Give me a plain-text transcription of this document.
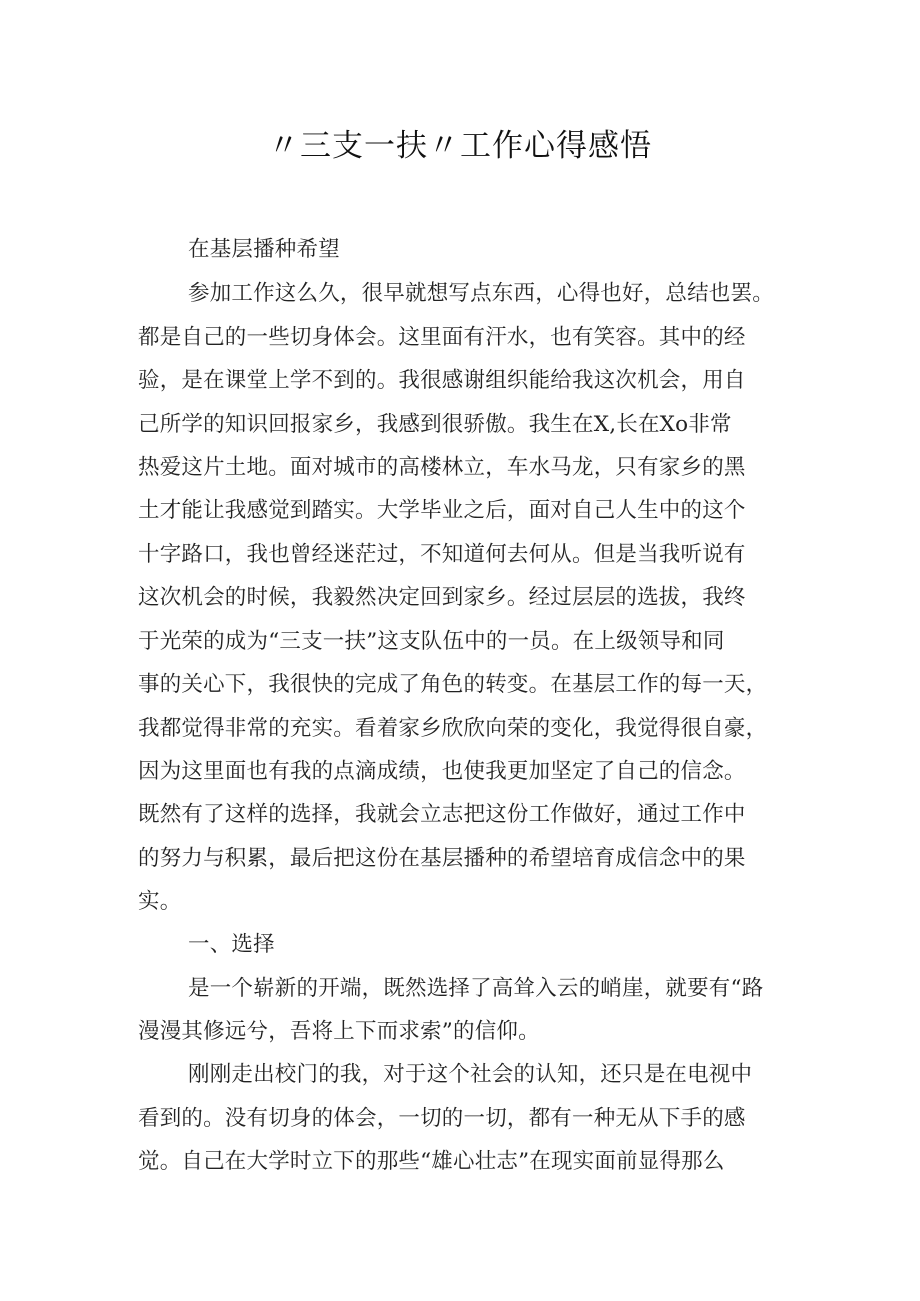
〃三支一扶〃工作心得感悟
在基层播种希望
参加工作这么久，很早就想写点东西，心得也好，总结也罢。
都是自己的一些切身体会。这里面有汗水，也有笑容。其中的经
验，是在课堂上学不到的。我很感谢组织能给我这次机会，用自
己所学的知识回报家乡，我感到很骄傲。我生在X,长在Xo非常
热爱这片土地。面对城市的高楼林立，车水马龙，只有家乡的黑
土才能让我感觉到踏实。大学毕业之后，面对自己人生中的这个
十字路口，我也曾经迷茫过，不知道何去何从。但是当我听说有
这次机会的时候，我毅然决定回到家乡。经过层层的选拔，我终
于光荣的成为“三支一扶”这支队伍中的一员。在上级领导和同
事的关心下，我很快的完成了角色的转变。在基层工作的每一天，
我都觉得非常的充实。看着家乡欣欣向荣的变化，我觉得很自豪，
因为这里面也有我的点滴成绩，也使我更加坚定了自己的信念。
既然有了这样的选择，我就会立志把这份工作做好，通过工作中
的努力与积累，最后把这份在基层播种的希望培育成信念中的果
实。
一、选择
是一个崭新的开端，既然选择了高耸入云的峭崖，就要有“路
漫漫其修远兮，吾将上下而求索”的信仰。
刚刚走出校门的我，对于这个社会的认知，还只是在电视中
看到的。没有切身的体会，一切的一切，都有一种无从下手的感
觉。自己在大学时立下的那些“雄心壮志”在现实面前显得那么
